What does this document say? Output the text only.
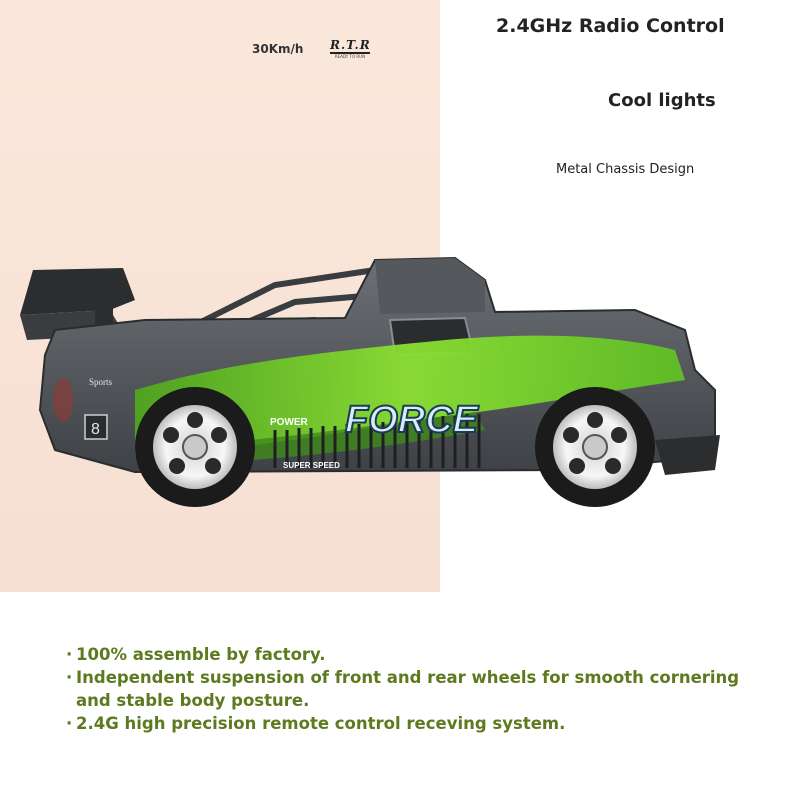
30Km/h R.T.R
READY TO RUN
2.4GHz Radio Control
Cool lights
Metal Chassis Design
FORCE
POWER
SUPER SPEED
Sports
8
· 100% assemble by factory.
· Independent suspension of front and rear wheels for smooth cornering
and stable body posture.
· 2.4G high precision remote control receving system.
